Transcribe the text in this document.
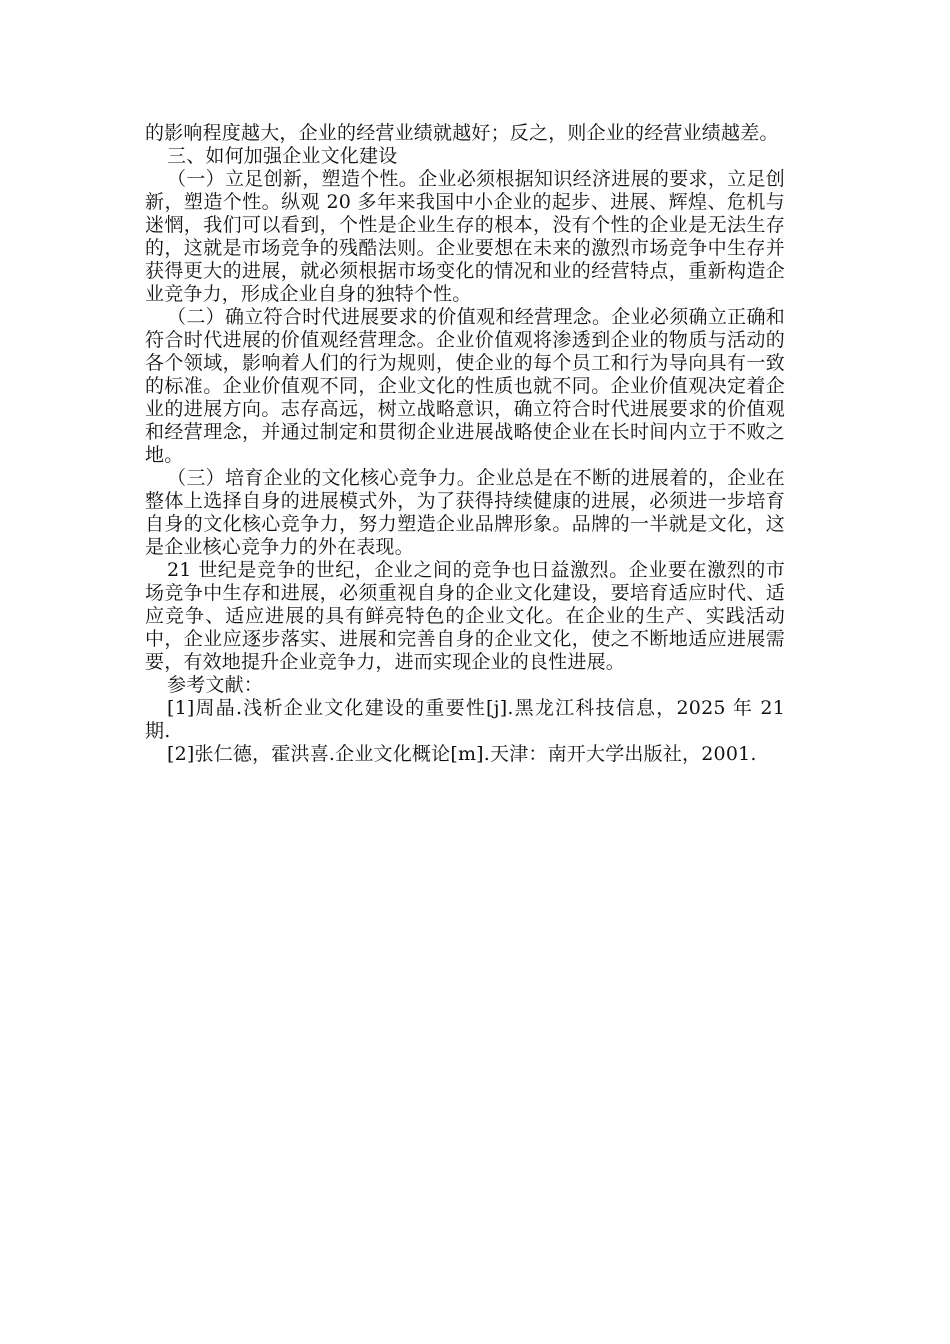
的影响程度越大，企业的经营业绩就越好；反之，则企业的经营业绩越差。

三、如何加强企业文化建设

（一）立足创新，塑造个性。企业必须根据知识经济进展的要求，立足创新，塑造个性。纵观 20 多年来我国中小企业的起步、进展、辉煌、危机与迷惘，我们可以看到，个性是企业生存的根本，没有个性的企业是无法生存的，这就是市场竞争的残酷法则。企业要想在未来的激烈市场竞争中生存并获得更大的进展，就必须根据市场变化的情况和业的经营特点，重新构造企业竞争力，形成企业自身的独特个性。

（二）确立符合时代进展要求的价值观和经营理念。企业必须确立正确和符合时代进展的价值观经营理念。企业价值观将渗透到企业的物质与活动的各个领域，影响着人们的行为规则，使企业的每个员工和行为导向具有一致的标准。企业价值观不同，企业文化的性质也就不同。企业价值观决定着企业的进展方向。志存高远，树立战略意识，确立符合时代进展要求的价值观和经营理念，并通过制定和贯彻企业进展战略使企业在长时间内立于不败之地。

（三）培育企业的文化核心竞争力。企业总是在不断的进展着的，企业在整体上选择自身的进展模式外，为了获得持续健康的进展，必须进一步培育自身的文化核心竞争力，努力塑造企业品牌形象。品牌的一半就是文化，这是企业核心竞争力的外在表现。

21 世纪是竞争的世纪，企业之间的竞争也日益激烈。企业要在激烈的市场竞争中生存和进展，必须重视自身的企业文化建设，要培育适应时代、适应竞争、适应进展的具有鲜亮特色的企业文化。在企业的生产、实践活动中，企业应逐步落实、进展和完善自身的企业文化，使之不断地适应进展需要，有效地提升企业竞争力，进而实现企业的良性进展。

参考文献：

[1]周晶.浅析企业文化建设的重要性[j].黑龙江科技信息，2025 年 21 期.

[2]张仁德，霍洪喜.企业文化概论[m].天津：南开大学出版社，2001.
